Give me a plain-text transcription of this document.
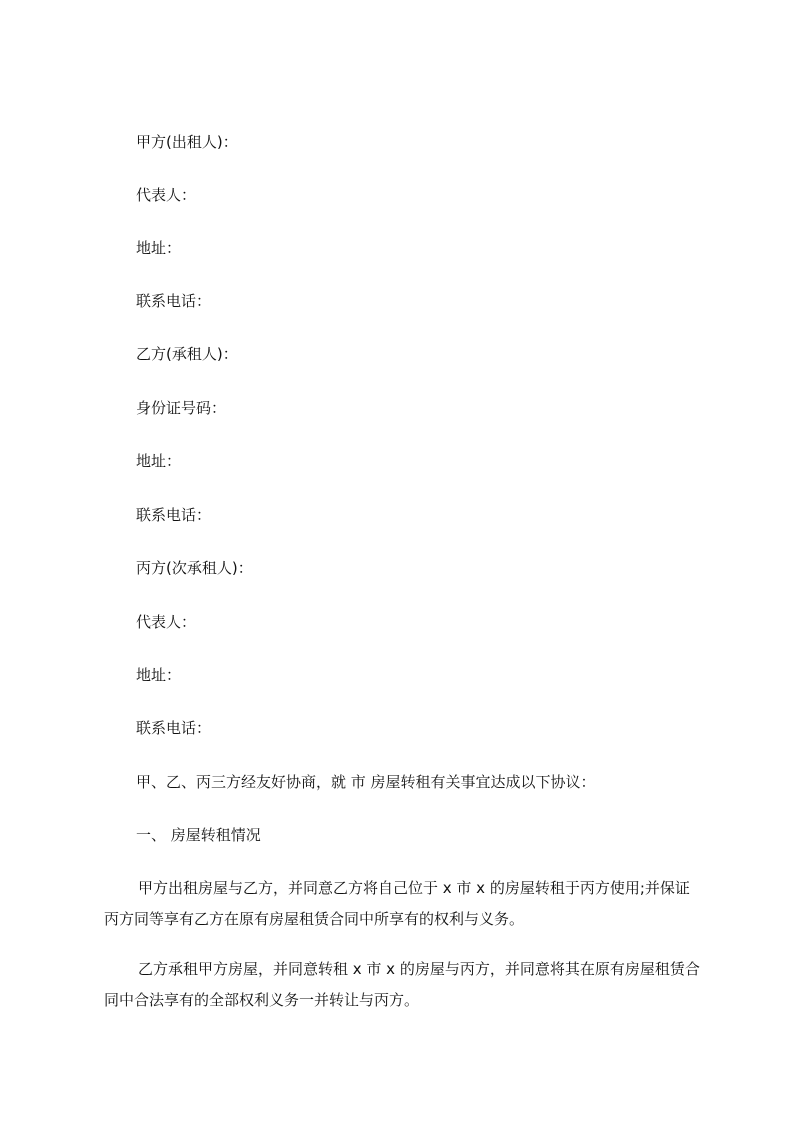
甲方(出租人)：
代表人：
地址：
联系电话：
乙方(承租人)：
身份证号码：
地址：
联系电话：
丙方(次承租人)：
代表人：
地址：
联系电话：
甲、乙、丙三方经友好协商，就 市 房屋转租有关事宜达成以下协议：
一、 房屋转租情况
甲方出租房屋与乙方，并同意乙方将自己位于 x 市 x 的房屋转租于丙方使用;并保证丙方同等享有乙方在原有房屋租赁合同中所享有的权利与义务。
乙方承租甲方房屋，并同意转租 x 市 x 的房屋与丙方，并同意将其在原有房屋租赁合同中合法享有的全部权利义务一并转让与丙方。
